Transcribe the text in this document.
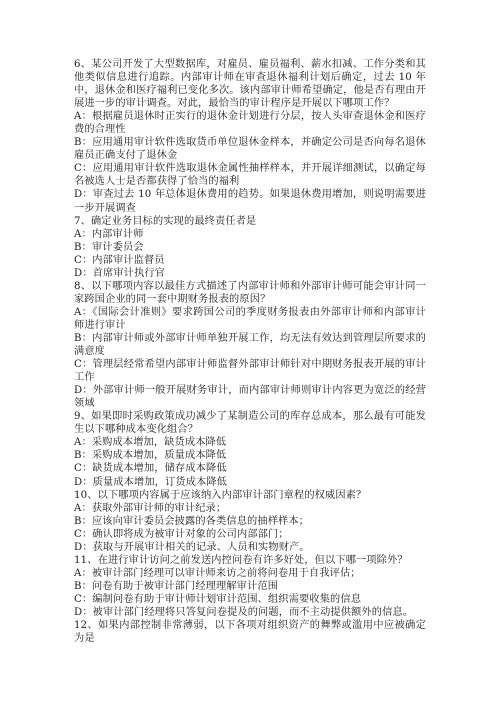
6、某公司开发了大型数据库，对雇员、雇员福利、薪水扣减、工作分类和其他类似信息进行追踪。内部审计师在审查退休福利计划后确定，过去 10 年中，退休金和医疗福利已变化多次。该内部审计师希望确定，他是否有理由开展进一步的审计调查。对此，最恰当的审计程序是开展以下哪项工作？

A：根据雇员退休时正实行的退休金计划进行分层，按人头审查退休金和医疗费的合理性

B：应用通用审计软件选取货币单位退休金样本，并确定公司是否向每名退休雇员正确支付了退休金

C：应用通用审计软件选取退休金属性抽样样本，并开展详细测试，以确定每名被选人士是否都获得了恰当的福利

D：审查过去 10 年总体退休费用的趋势。如果退休费用增加，则说明需要进一步开展调查

7、确定业务目标的实现的最终责任者是

A：内部审计师

B：审计委员会

C：内部审计监督员

D：首席审计执行官

8、以下哪项内容以最佳方式描述了内部审计师和外部审计师可能会审计同一家跨国企业的同一套中期财务报表的原因？

A：《国际会计准则》要求跨国公司的季度财务报表由外部审计师和内部审计师进行审计

B：内部审计师或外部审计师单独开展工作，均无法有效达到管理层所要求的满意度

C：管理层经常希望内部审计师监督外部审计师针对中期财务报表开展的审计工作

D：外部审计师一般开展财务审计，而内部审计师则审计内容更为宽泛的经营领域

9、如果即时采购政策成功减少了某制造公司的库存总成本，那么最有可能发生以下哪种成本变化组合？

A：采购成本增加，缺货成本降低

B：采购成本增加，质量成本降低

C：缺货成本增加，储存成本降低

D：质量成本增加，订货成本降低

10、以下哪项内容属于应该纳入内部审计部门章程的权威因素？

A：获取外部审计师的审计纪录；

B：应该向审计委员会披露的各类信息的抽样样本；

C：确认即将成为被审计对象的公司内部部门；

D：获取与开展审计相关的记录、人员和实物财产。

11、在进行审计访问之前发送内控问卷有许多好处，但以下哪一项除外？

A：被审计部门经理可以审计师来访之前将问卷用于自我评估；

B：问卷有助于被审计部门经理理解审计范围

C：编制问卷有助于审计师计划审计范围、组织需要收集的信息

D：被审计部门经理将只答复问卷提及的问题，而不主动提供额外的信息。

12、如果内部控制非常薄弱，以下各项对组织资产的舞弊或滥用中应被确定为是
